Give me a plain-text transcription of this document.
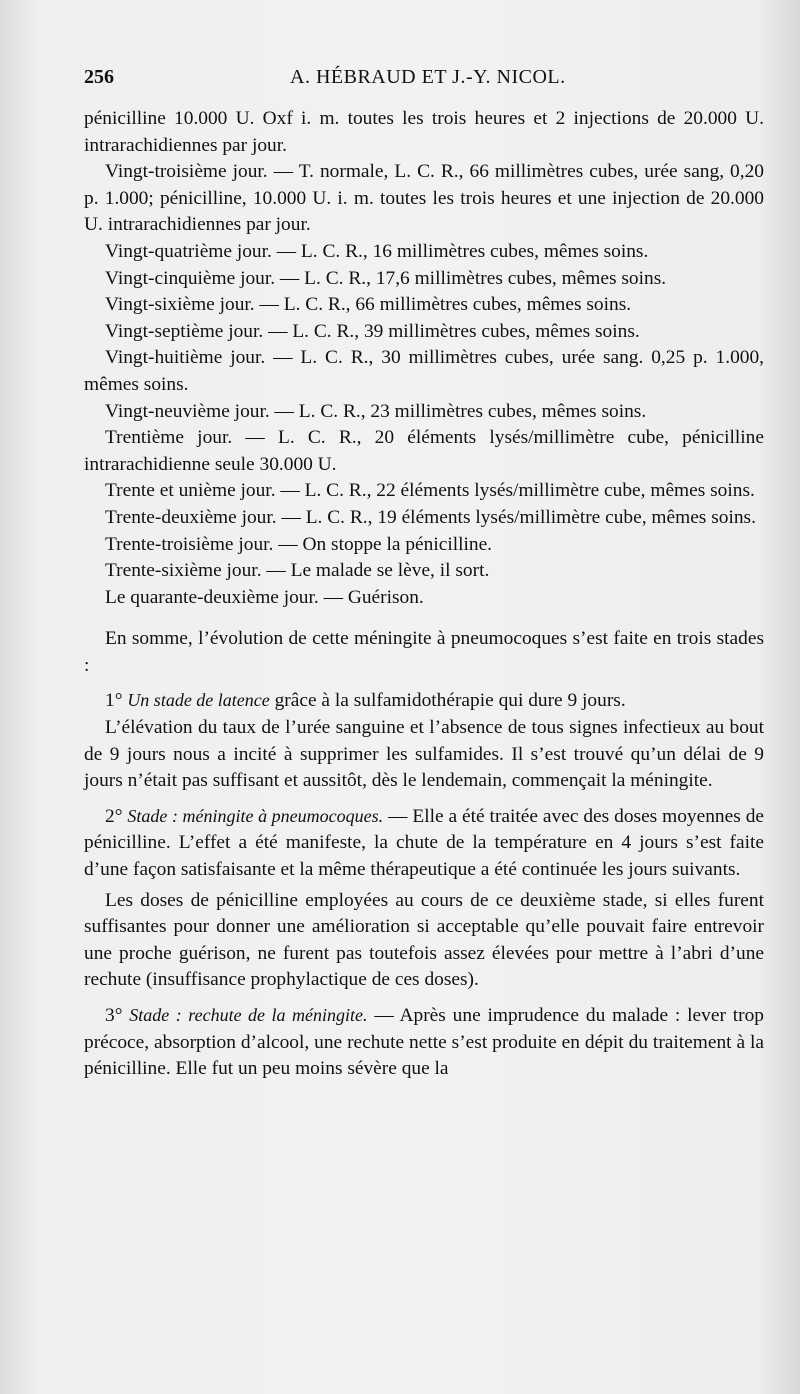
256	A. HÉBRAUD ET J.-Y. NICOL.

pénicilline 10.000 U. Oxf i. m. toutes les trois heures et 2 injections de 20.000 U. intrarachidiennes par jour.

Vingt-troisième jour. — T. normale, L. C. R., 66 millimètres cubes, urée sang, 0,20 p. 1.000; pénicilline, 10.000 U. i. m. toutes les trois heures et une injection de 20.000 U. intrarachidiennes par jour.

Vingt-quatrième jour. — L. C. R., 16 millimètres cubes, mêmes soins.

Vingt-cinquième jour. — L. C. R., 17,6 millimètres cubes, mêmes soins.

Vingt-sixième jour. — L. C. R., 66 millimètres cubes, mêmes soins.

Vingt-septième jour. — L. C. R., 39 millimètres cubes, mêmes soins.

Vingt-huitième jour. — L. C. R., 30 millimètres cubes, urée sang. 0,25 p. 1.000, mêmes soins.

Vingt-neuvième jour. — L. C. R., 23 millimètres cubes, mêmes soins.

Trentième jour. — L. C. R., 20 éléments lysés/millimètre cube, pénicilline intrarachidienne seule 30.000 U.

Trente et unième jour. — L. C. R., 22 éléments lysés/millimètre cube, mêmes soins.

Trente-deuxième jour. — L. C. R., 19 éléments lysés/millimètre cube, mêmes soins.

Trente-troisième jour. — On stoppe la pénicilline.

Trente-sixième jour. — Le malade se lève, il sort.

Le quarante-deuxième jour. — Guérison.

En somme, l’évolution de cette méningite à pneumocoques s’est faite en trois stades :

1° Un stade de latence grâce à la sulfamidothérapie qui dure 9 jours.

L’élévation du taux de l’urée sanguine et l’absence de tous signes infectieux au bout de 9 jours nous a incité à supprimer les sulfamides. Il s’est trouvé qu’un délai de 9 jours n’était pas suffisant et aussitôt, dès le lendemain, commençait la méningite.

2° Stade : méningite à pneumocoques. — Elle a été traitée avec des doses moyennes de pénicilline. L’effet a été manifeste, la chute de la température en 4 jours s’est faite d’une façon satisfaisante et la même thérapeutique a été continuée les jours suivants.

Les doses de pénicilline employées au cours de ce deuxième stade, si elles furent suffisantes pour donner une amélioration si acceptable qu’elle pouvait faire entrevoir une proche guérison, ne furent pas toutefois assez élevées pour mettre à l’abri d’une rechute (insuffisance prophylactique de ces doses).

3° Stade : rechute de la méningite. — Après une imprudence du malade : lever trop précoce, absorption d’alcool, une rechute nette s’est produite en dépit du traitement à la pénicilline. Elle fut un peu moins sévère que la
